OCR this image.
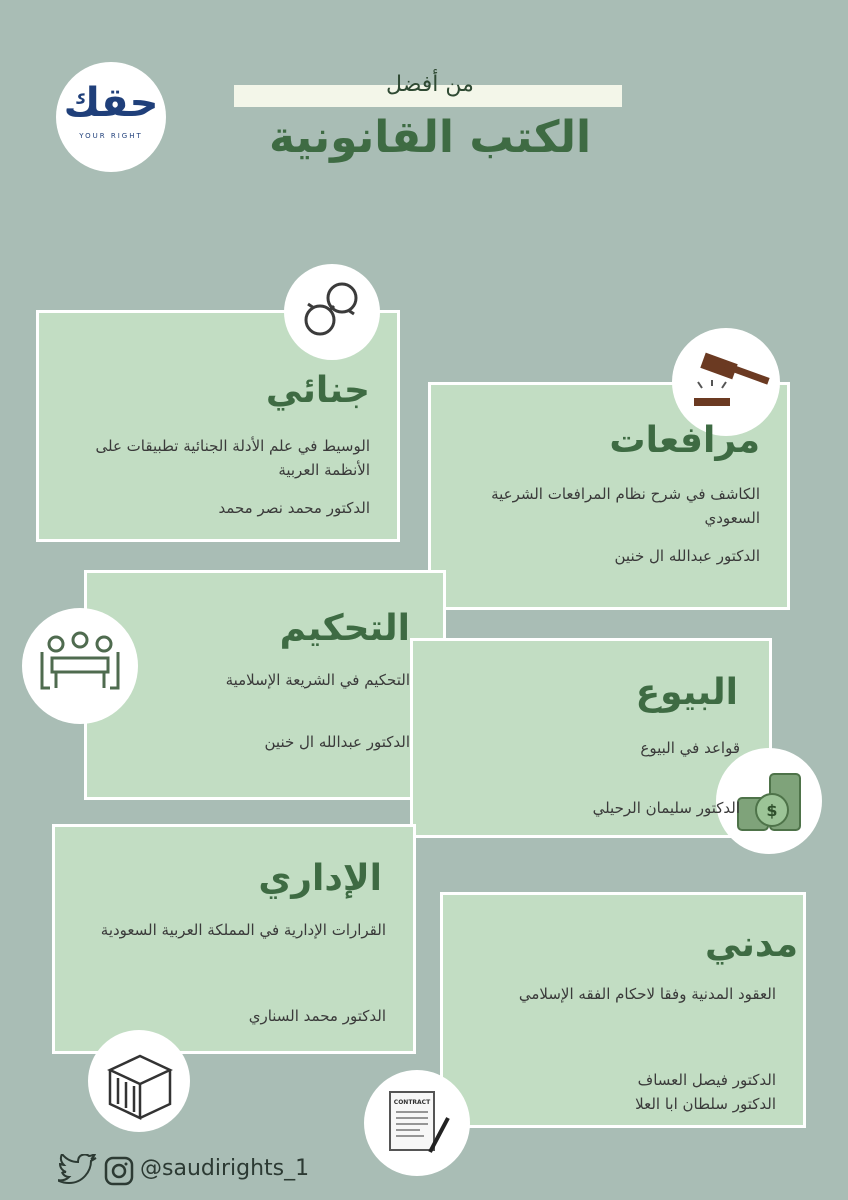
حقك
YOUR RIGHT
من أفضل
الكتب القانونية
جنائي
الوسيط في علم الأدلة الجنائية تطبيقات على الأنظمة العربية
الدكتور محمد نصر محمد
مرافعات
الكاشف في شرح نظام المرافعات الشرعية السعودي
الدكتور عبدالله ال خنين
التحكيم
التحكيم في الشريعة الإسلامية
الدكتور عبدالله ال خنين
$
البيوع
قواعد في البيوع
الدكتور سليمان الرحيلي
الإداري
القرارات الإدارية في المملكة العربية السعودية
الدكتور محمد السناري
CONTRACT
مدني
العقود المدنية وفقا لاحكام الفقه الإسلامي
الدكتور فيصل العساف
الدكتور سلطان ابا العلا
@saudirights_1
